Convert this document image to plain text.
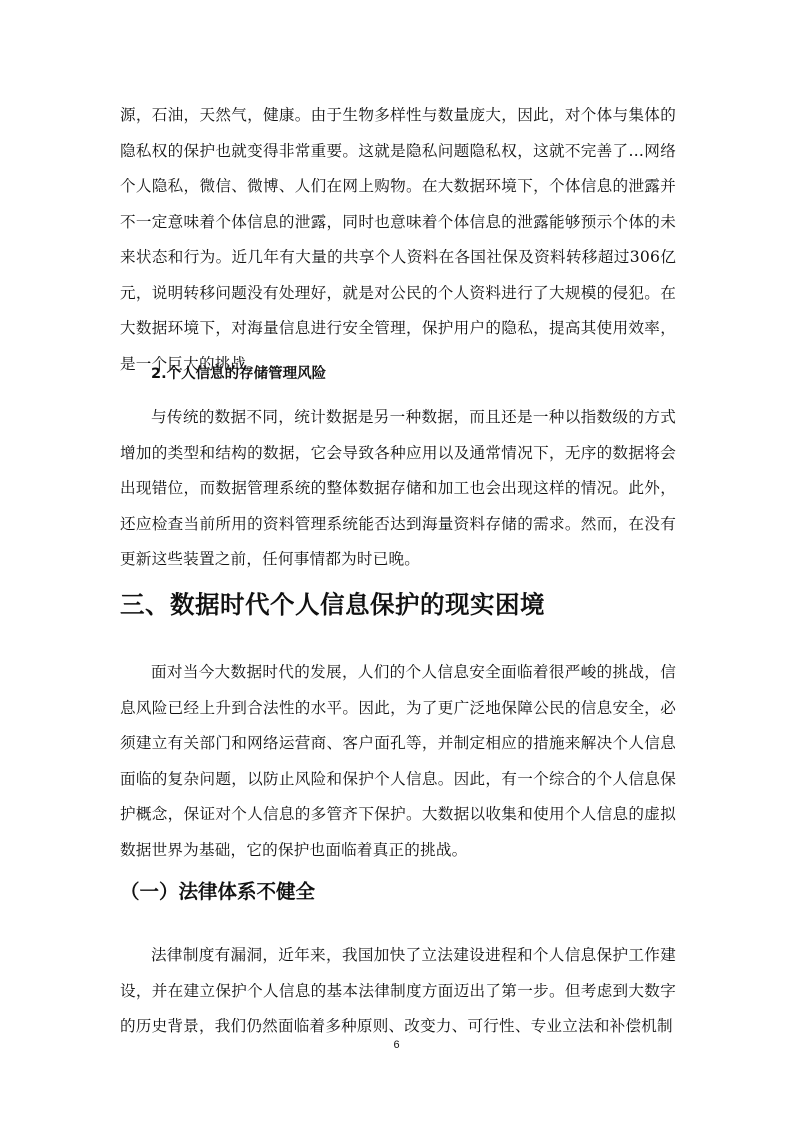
源，石油，天然气，健康。由于生物多样性与数量庞大，因此，对个体与集体的隐私权的保护也就变得非常重要。这就是隐私问题隐私权，这就不完善了…网络个人隐私，微信、微博、人们在网上购物。在大数据环境下，个体信息的泄露并不一定意味着个体信息的泄露，同时也意味着个体信息的泄露能够预示个体的未来状态和行为。近几年有大量的共享个人资料在各国社保及资料转移超过306亿元，说明转移问题没有处理好，就是对公民的个人资料进行了大规模的侵犯。在大数据环境下，对海量信息进行安全管理，保护用户的隐私，提高其使用效率，是一个巨大的挑战。

2.个人信息的存储管理风险

与传统的数据不同，统计数据是另一种数据，而且还是一种以指数级的方式增加的类型和结构的数据，它会导致各种应用以及通常情况下，无序的数据将会出现错位，而数据管理系统的整体数据存储和加工也会出现这样的情况。此外，还应检查当前所用的资料管理系统能否达到海量资料存储的需求。然而，在没有更新这些装置之前，任何事情都为时已晚。

三、数据时代个人信息保护的现实困境

面对当今大数据时代的发展，人们的个人信息安全面临着很严峻的挑战，信息风险已经上升到合法性的水平。因此，为了更广泛地保障公民的信息安全，必须建立有关部门和网络运营商、客户面孔等，并制定相应的措施来解决个人信息面临的复杂问题，以防止风险和保护个人信息。因此，有一个综合的个人信息保护概念，保证对个人信息的多管齐下保护。大数据以收集和使用个人信息的虚拟数据世界为基础，它的保护也面临着真正的挑战。

（一）法律体系不健全

法律制度有漏洞，近年来，我国加快了立法建设进程和个人信息保护工作建设，并在建立保护个人信息的基本法律制度方面迈出了第一步。但考虑到大数字的历史背景，我们仍然面临着多种原则、改变力、可行性、专业立法和补偿机制

6
